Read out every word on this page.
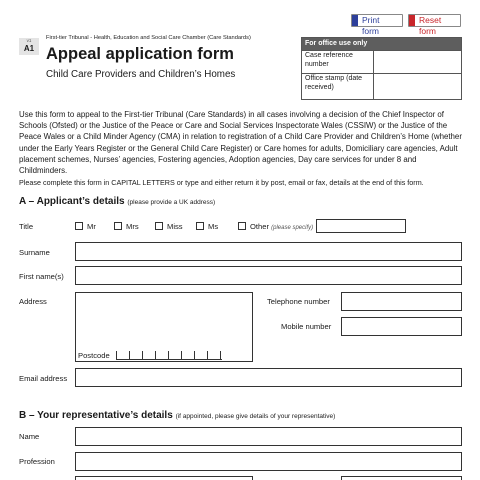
Print form
Reset form
v1
A1
First-tier Tribunal - Health, Education and Social Care Chamber (Care Standards)
Appeal application form
Child Care Providers and Children’s Homes
For office use only
Case reference number
Office stamp (date received)
Use this form to appeal to the First-tier Tribunal (Care Standards) in all cases involving a decision of the Chief Inspector of Schools (Ofsted) or the Justice of the Peace or Care and Social Services Inspectorate Wales (CSSIW) or the Justice of the Peace Wales or a Child Minder Agency (CMA) in relation to registration of a Child Care Provider and Children’s Home (whether under the Early Years Register or the General Child Care Register) or Care homes for adults, Domiciliary care agencies, Adult placement schemes, Nurses’ agencies, Fostering agencies, Adoption agencies, Day care services for under 8 and Childminders.
Please complete this form in CAPITAL LETTERS or type and either return it by post, email or fax, details at the end of this form.
A – Applicant’s details (please provide a UK address)
Title	Mr	Mrs	Miss	Ms	Other (please specify)
Surname
First name(s)
Address
Postcode
Telephone number
Mobile number
Email address
B – Your representative’s details (if appointed, please give details of your representative)
Name
Profession
